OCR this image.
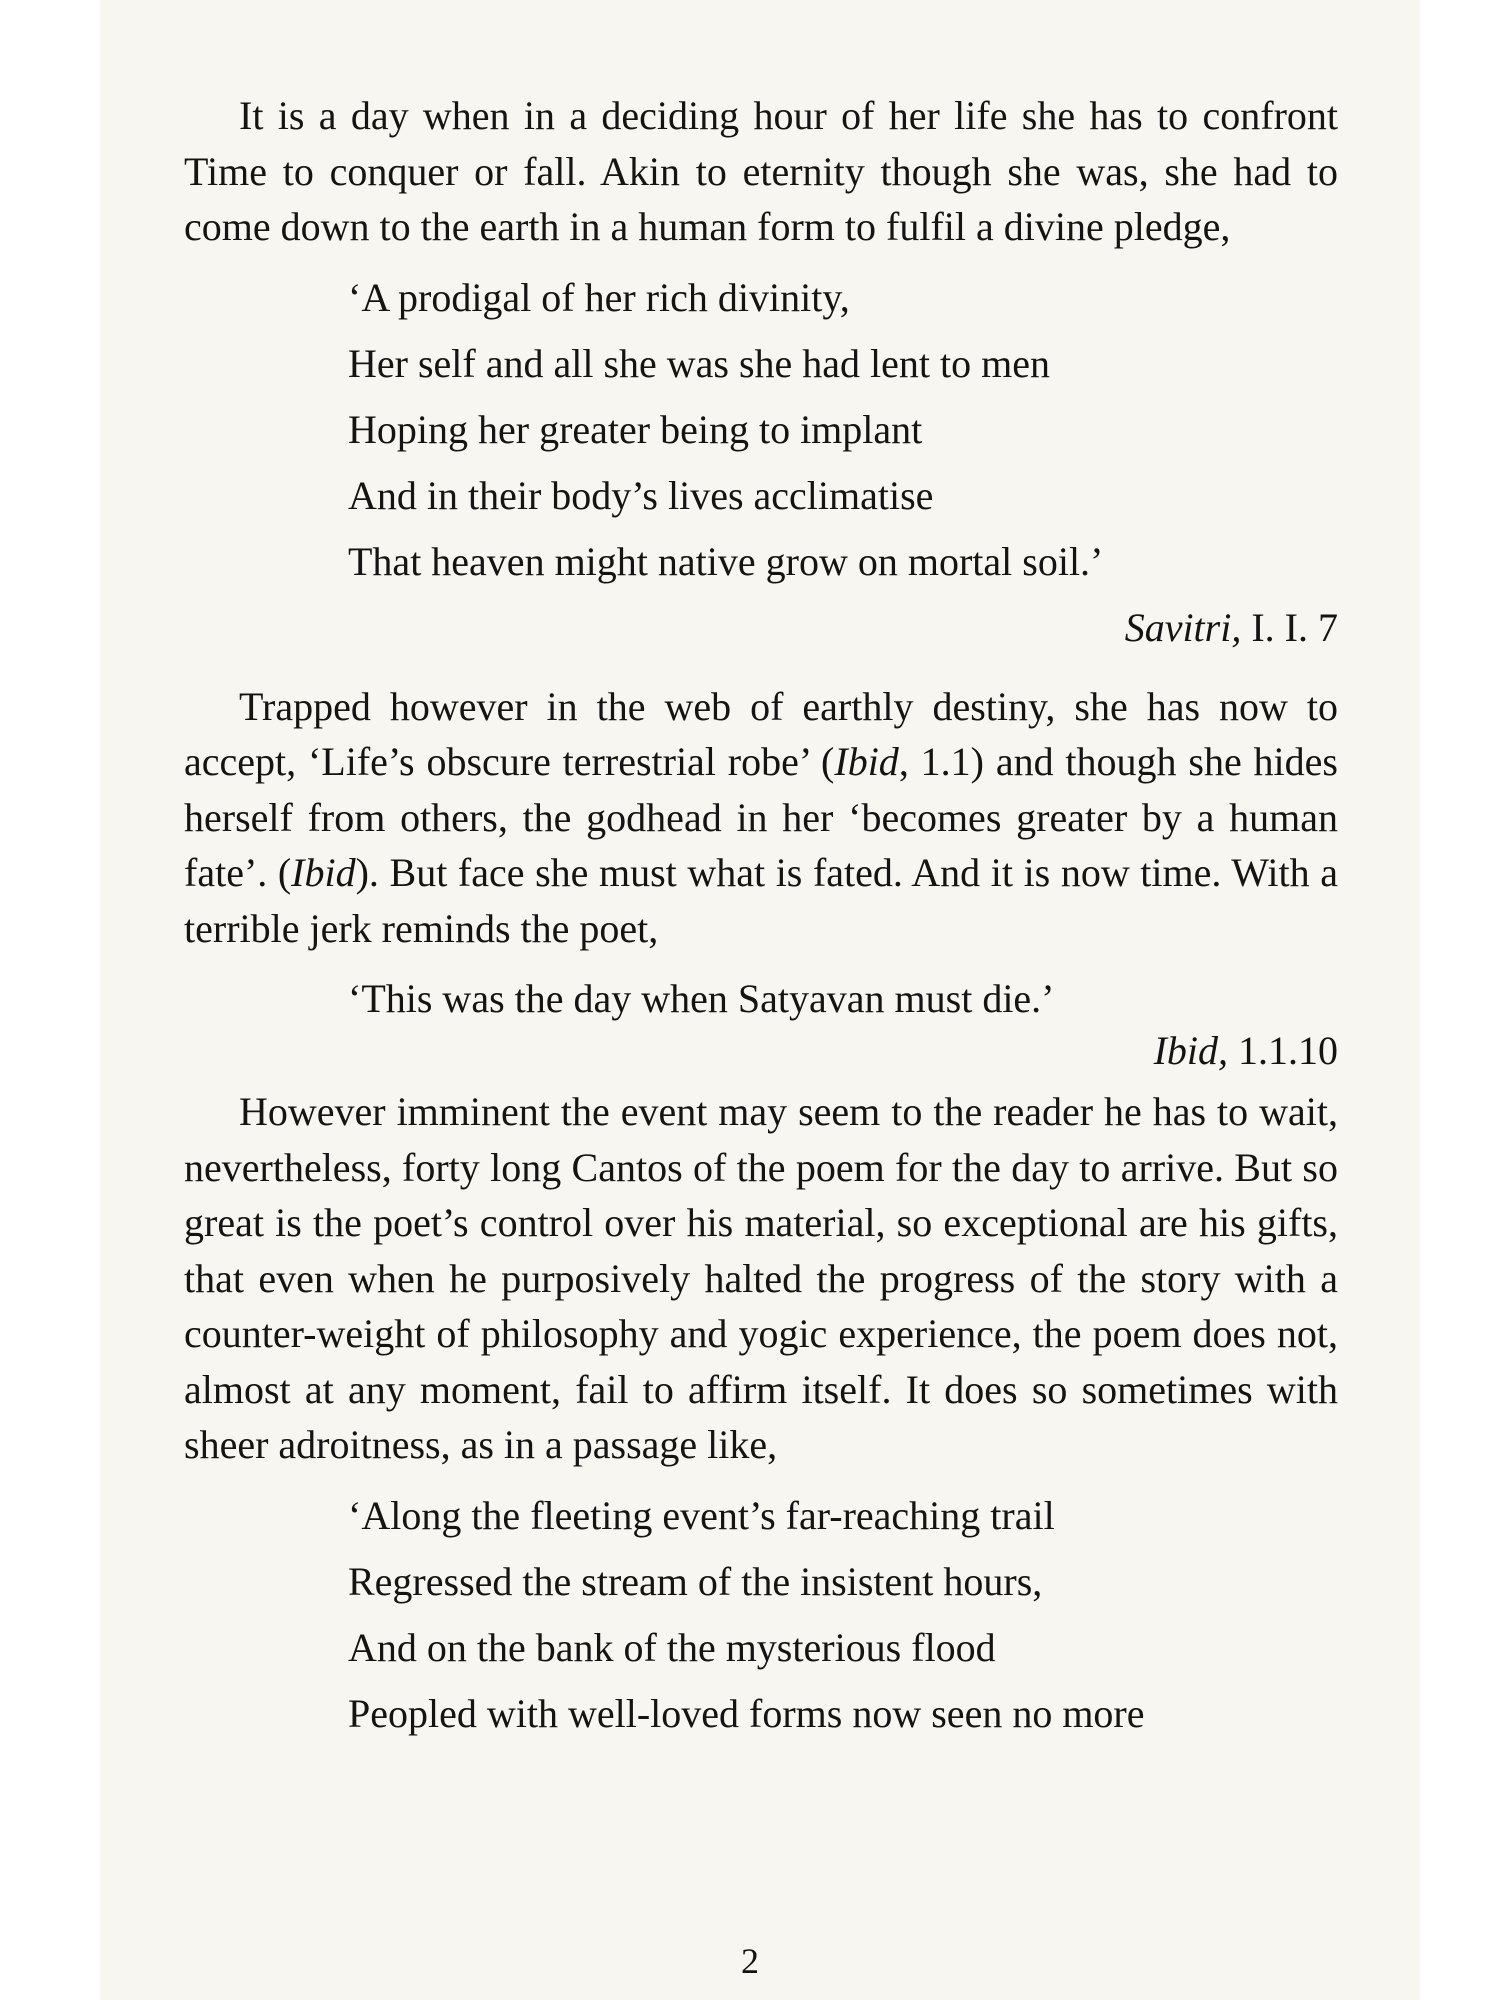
It is a day when in a deciding hour of her life she has to confront Time to conquer or fall. Akin to eternity though she was, she had to come down to the earth in a human form to fulfil a divine pledge,

‘A prodigal of her rich divinity,
Her self and all she was she had lent to men
Hoping her greater being to implant
And in their body’s lives acclimatise
That heaven might native grow on mortal soil.’

Savitri, I. I. 7

Trapped however in the web of earthly destiny, she has now to accept, ‘Life’s obscure terrestrial robe’ (Ibid, 1.1) and though she hides herself from others, the godhead in her ‘becomes greater by a human fate’. (Ibid). But face she must what is fated. And it is now time. With a terrible jerk reminds the poet,

‘This was the day when Satyavan must die.’

Ibid, 1.1.10

However imminent the event may seem to the reader he has to wait, nevertheless, forty long Cantos of the poem for the day to arrive. But so great is the poet’s control over his material, so exceptional are his gifts, that even when he purposively halted the progress of the story with a counter-weight of philosophy and yogic experience, the poem does not, almost at any moment, fail to affirm itself. It does so sometimes with sheer adroitness, as in a passage like,

‘Along the fleeting event’s far-reaching trail
Regressed the stream of the insistent hours,
And on the bank of the mysterious flood
Peopled with well-loved forms now seen no more
2
